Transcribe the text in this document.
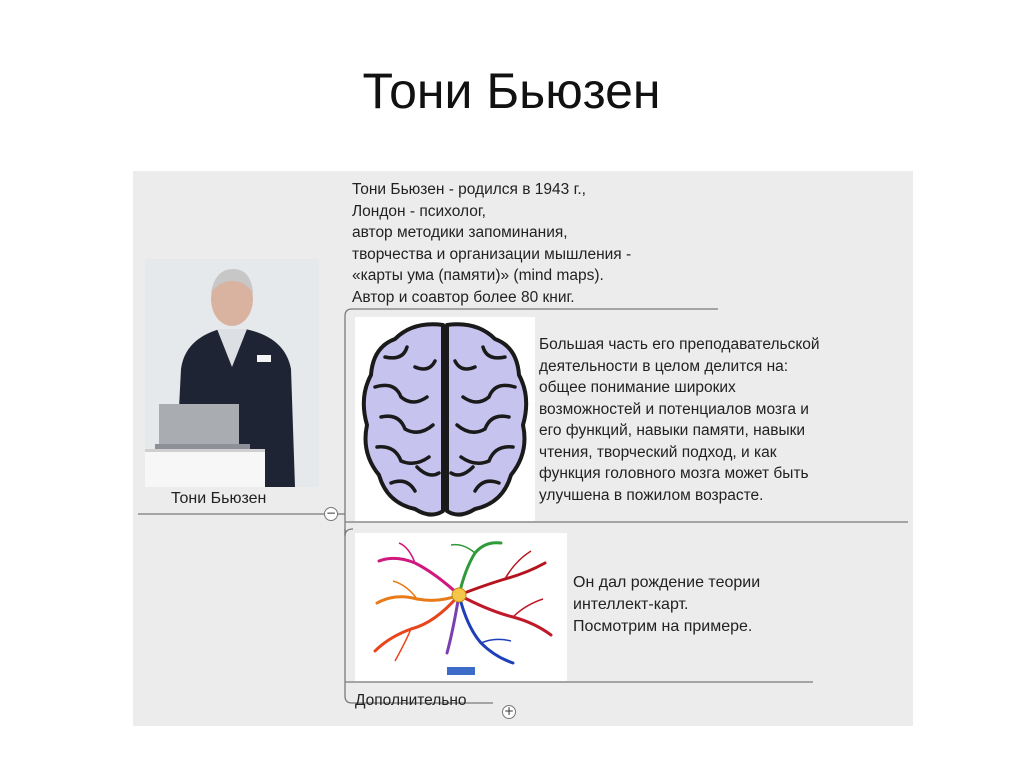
Тони Бьюзен
Тони Бьюзен
Тони Бьюзен - родился в 1943 г.,
Лондон - психолог,
автор методики запоминания,
творчества и организации мышления -
«карты ума (памяти)» (mind maps).
Автор и соавтор более 80 книг.
Большая часть его преподавательской
деятельности в целом делится на:
общее понимание широких
возможностей и потенциалов мозга и
его функций, навыки памяти, навыки
чтения, творческий подход, и как
функция головного мозга может быть
улучшена в пожилом возрасте.
Он дал рождение теории
интеллект-карт.
Посмотрим на примере.
Дополнительно
−
+
